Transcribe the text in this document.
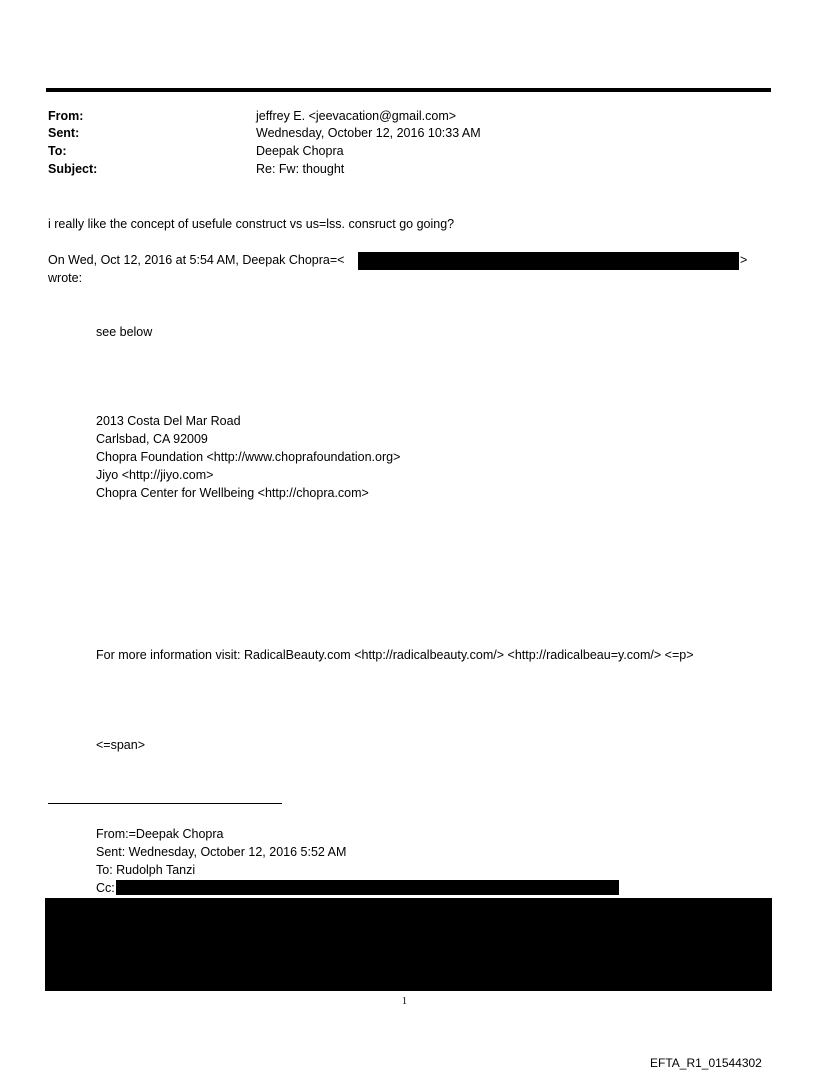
From:	jeffrey E. <jeevacation@gmail.com>
Sent:	Wednesday, October 12, 2016 10:33 AM
To:	Deepak Chopra
Subject:	Re: Fw: thought
i really like the concept of usefule construct vs us=lss. consruct go going?
On Wed, Oct 12, 2016 at 5:54 AM, Deepak Chopra=<	>
wrote:
see below
2013 Costa Del Mar Road
Carlsbad, CA 92009
Chopra Foundation <http://www.choprafoundation.org>
Jiyo <http://jiyo.com>
Chopra Center for Wellbeing <http://chopra.com>
For more information visit: RadicalBeauty.com <http://radicalbeauty.com/> <http://radicalbeau=y.com/> <=p>
<=span>
From:=Deepak Chopra
Sent: Wednesday, October 12, 2016 5:52 AM
To: Rudolph Tanzi
Cc:
1
EFTA_R1_01544302
